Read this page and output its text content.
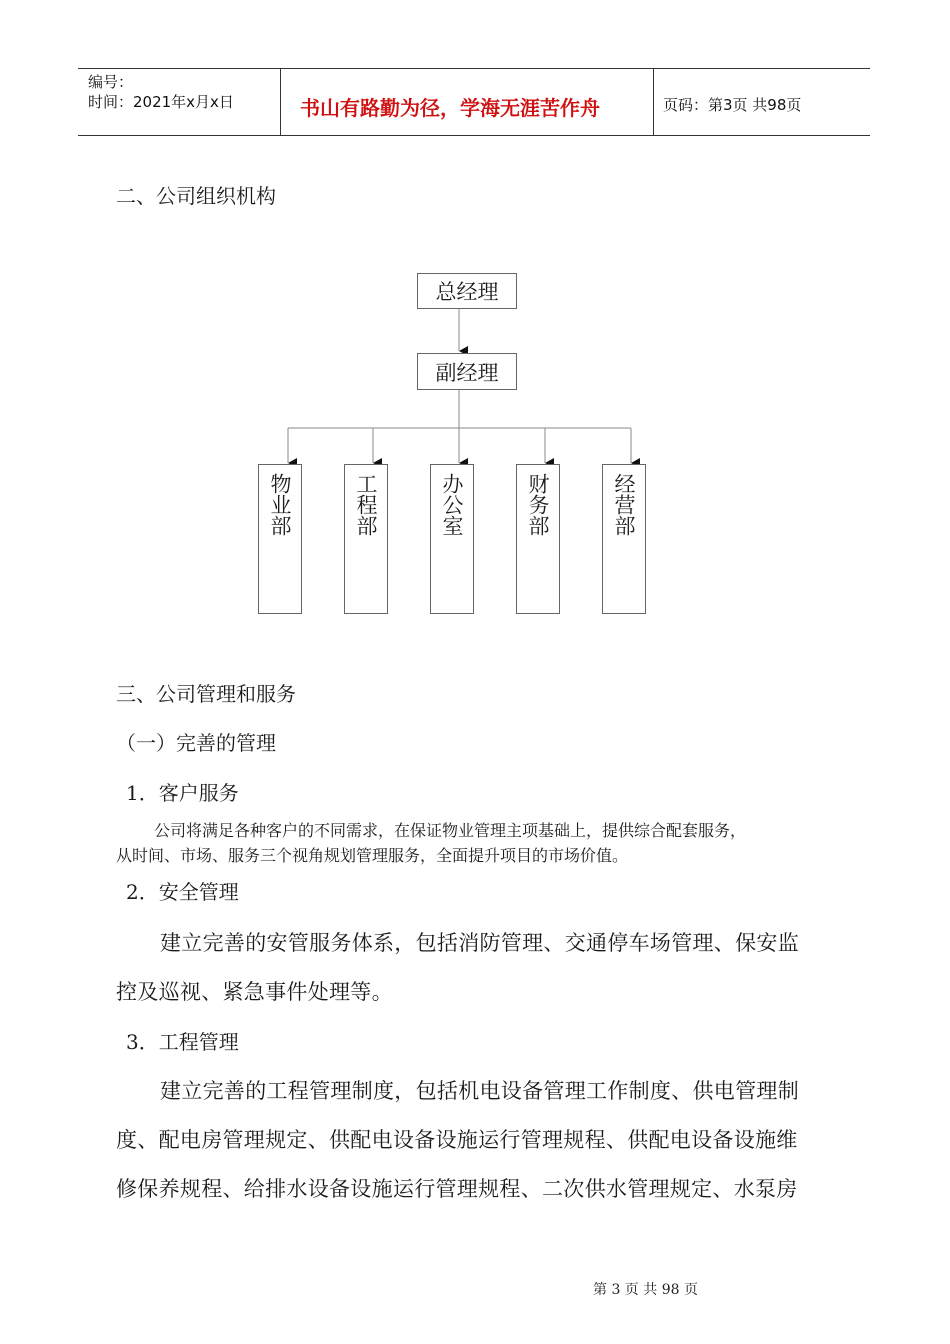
编号：
时间：2021年x月x日	书山有路勤为径，学海无涯苦作舟	页码：第3页 共98页
二、公司组织机构
总经理
副经理
物业部	工程部	办公室	财务部	经营部
三、公司管理和服务
（一）完善的管理
1．客户服务
公司将满足各种客户的不同需求，在保证物业管理主项基础上，提供综合配套服务，
从时间、市场、服务三个视角规划管理服务，全面提升项目的市场价值。
2．安全管理
建立完善的安管服务体系，包括消防管理、交通停车场管理、保安监
控及巡视、紧急事件处理等。
3．工程管理
建立完善的工程管理制度，包括机电设备管理工作制度、供电管理制
度、配电房管理规定、供配电设备设施运行管理规程、供配电设备设施维
修保养规程、给排水设备设施运行管理规程、二次供水管理规定、水泵房
第 3 页 共 98 页
